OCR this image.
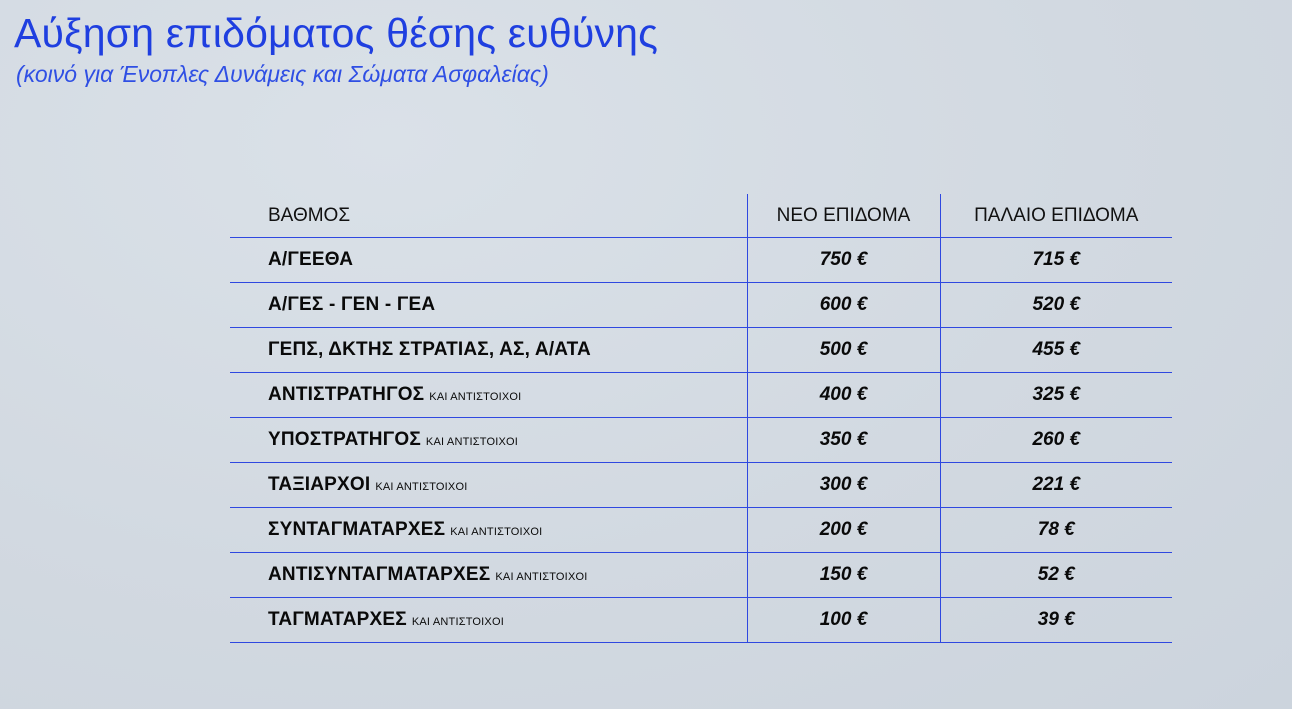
Αύξηση επιδόματος θέσης ευθύνης

(κοινό για Ένοπλες Δυνάμεις και Σώματα Ασφαλείας)

ΒΑΘΜΟΣ	ΝΕΟ ΕΠΙΔΟΜΑ	ΠΑΛΑΙΟ ΕΠΙΔΟΜΑ
Α/ΓΕΕΘΑ	750 €	715 €
Α/ΓΕΣ - ΓΕΝ - ΓΕΑ	600 €	520 €
ΓΕΠΣ, ΔΚΤΗΣ ΣΤΡΑΤΙΑΣ, ΑΣ, Α/ΑΤΑ	500 €	455 €
ΑΝΤΙΣΤΡΑΤΗΓΟΣ ΚΑΙ ΑΝΤΙΣΤΟΙΧΟΙ	400 €	325 €
ΥΠΟΣΤΡΑΤΗΓΟΣ ΚΑΙ ΑΝΤΙΣΤΟΙΧΟΙ	350 €	260 €
ΤΑΞΙΑΡΧΟΙ ΚΑΙ ΑΝΤΙΣΤΟΙΧΟΙ	300 €	221 €
ΣΥΝΤΑΓΜΑΤΑΡΧΕΣ ΚΑΙ ΑΝΤΙΣΤΟΙΧΟΙ	200 €	78 €
ΑΝΤΙΣΥΝΤΑΓΜΑΤΑΡΧΕΣ ΚΑΙ ΑΝΤΙΣΤΟΙΧΟΙ	150 €	52 €
ΤΑΓΜΑΤΑΡΧΕΣ ΚΑΙ ΑΝΤΙΣΤΟΙΧΟΙ	100 €	39 €
